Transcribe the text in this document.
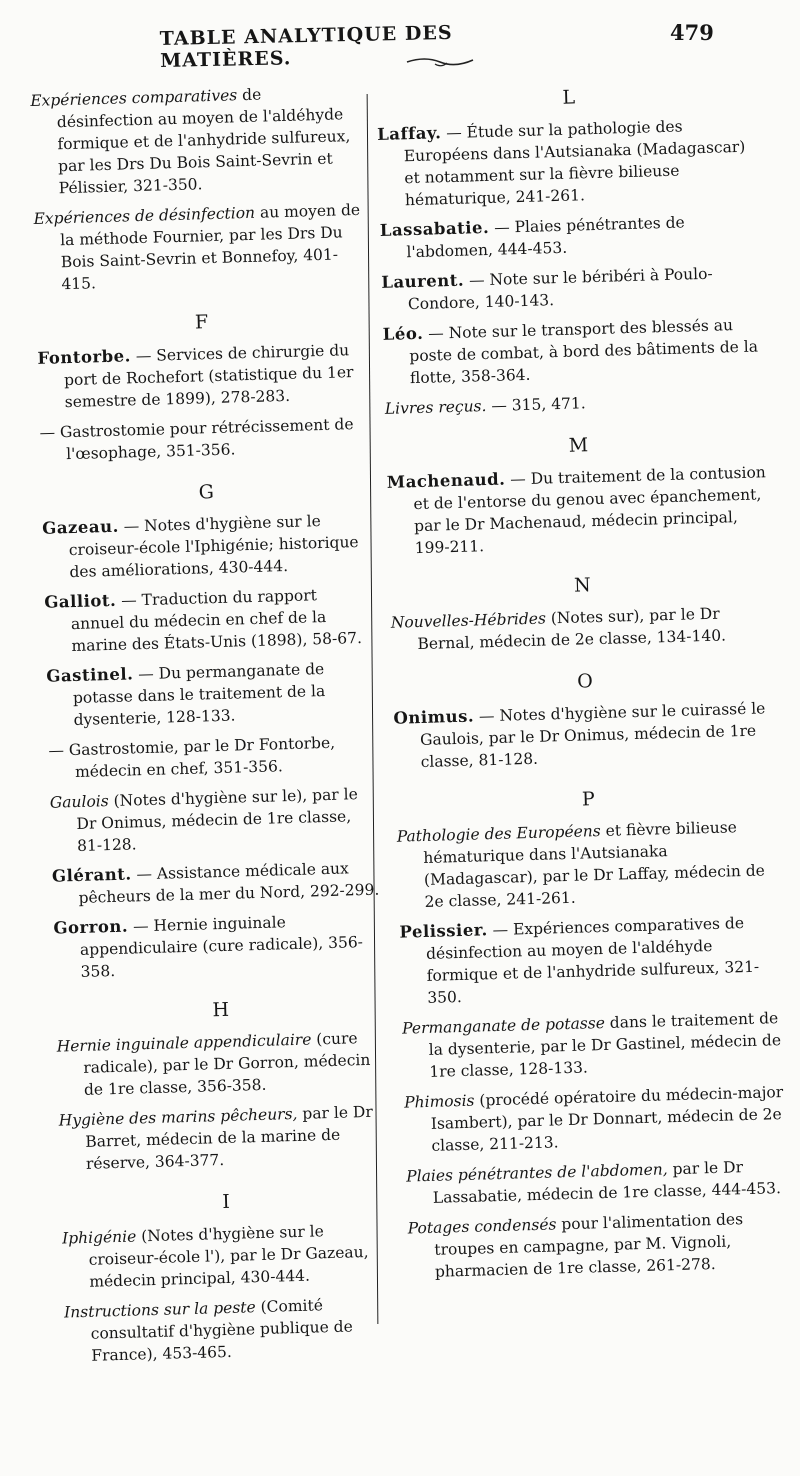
TABLE ANALYTIQUE DES MATIÈRES.
479

Expériences comparatives de désinfection au moyen de l'aldéhyde formique et de l'anhydride sulfureux, par les Drs Du Bois Saint-Sevrin et Pélissier, 321-350.

Expériences de désinfection au moyen de la méthode Fournier, par les Drs Du Bois Saint-Sevrin et Bonnefoy, 401-415.

F

Fontorbe. — Services de chirurgie du port de Rochefort (statistique du 1er semestre de 1899), 278-283.

— Gastrostomie pour rétrécissement de l'œsophage, 351-356.

G

Gazeau. — Notes d'hygiène sur le croiseur-école l'Iphigénie; historique des améliorations, 430-444.

Galliot. — Traduction du rapport annuel du médecin en chef de la marine des États-Unis (1898), 58-67.

Gastinel. — Du permanganate de potasse dans le traitement de la dysenterie, 128-133.

— Gastrostomie, par le Dr Fontorbe, médecin en chef, 351-356.

Gaulois (Notes d'hygiène sur le), par le Dr Onimus, médecin de 1re classe, 81-128.

Glérant. — Assistance médicale aux pêcheurs de la mer du Nord, 292-299.

Gorron. — Hernie inguinale appendiculaire (cure radicale), 356-358.

H

Hernie inguinale appendiculaire (cure radicale), par le Dr Gorron, médecin de 1re classe, 356-358.

Hygiène des marins pêcheurs, par le Dr Barret, médecin de la marine de réserve, 364-377.

I

Iphigénie (Notes d'hygiène sur le croiseur-école l'), par le Dr Gazeau, médecin principal, 430-444.

Instructions sur la peste (Comité consultatif d'hygiène publique de France), 453-465.

L

Laffay. — Étude sur la pathologie des Européens dans l'Autsianaka (Madagascar) et notamment sur la fièvre bilieuse hématurique, 241-261.

Lassabatie. — Plaies pénétrantes de l'abdomen, 444-453.

Laurent. — Note sur le béribéri à Poulo-Condore, 140-143.

Léo. — Note sur le transport des blessés au poste de combat, à bord des bâtiments de la flotte, 358-364.

Livres reçus. — 315, 471.

M

Machenaud. — Du traitement de la contusion et de l'entorse du genou avec épanchement, par le Dr Machenaud, médecin principal, 199-211.

N

Nouvelles-Hébrides (Notes sur), par le Dr Bernal, médecin de 2e classe, 134-140.

O

Onimus. — Notes d'hygiène sur le cuirassé le Gaulois, par le Dr Onimus, médecin de 1re classe, 81-128.

P

Pathologie des Européens et fièvre bilieuse hématurique dans l'Autsianaka (Madagascar), par le Dr Laffay, médecin de 2e classe, 241-261.

Pelissier. — Expériences comparatives de désinfection au moyen de l'aldéhyde formique et de l'anhydride sulfureux, 321-350.

Permanganate de potasse dans le traitement de la dysenterie, par le Dr Gastinel, médecin de 1re classe, 128-133.

Phimosis (procédé opératoire du médecin-major Isambert), par le Dr Donnart, médecin de 2e classe, 211-213.

Plaies pénétrantes de l'abdomen, par le Dr Lassabatie, médecin de 1re classe, 444-453.

Potages condensés pour l'alimentation des troupes en campagne, par M. Vignoli, pharmacien de 1re classe, 261-278.
